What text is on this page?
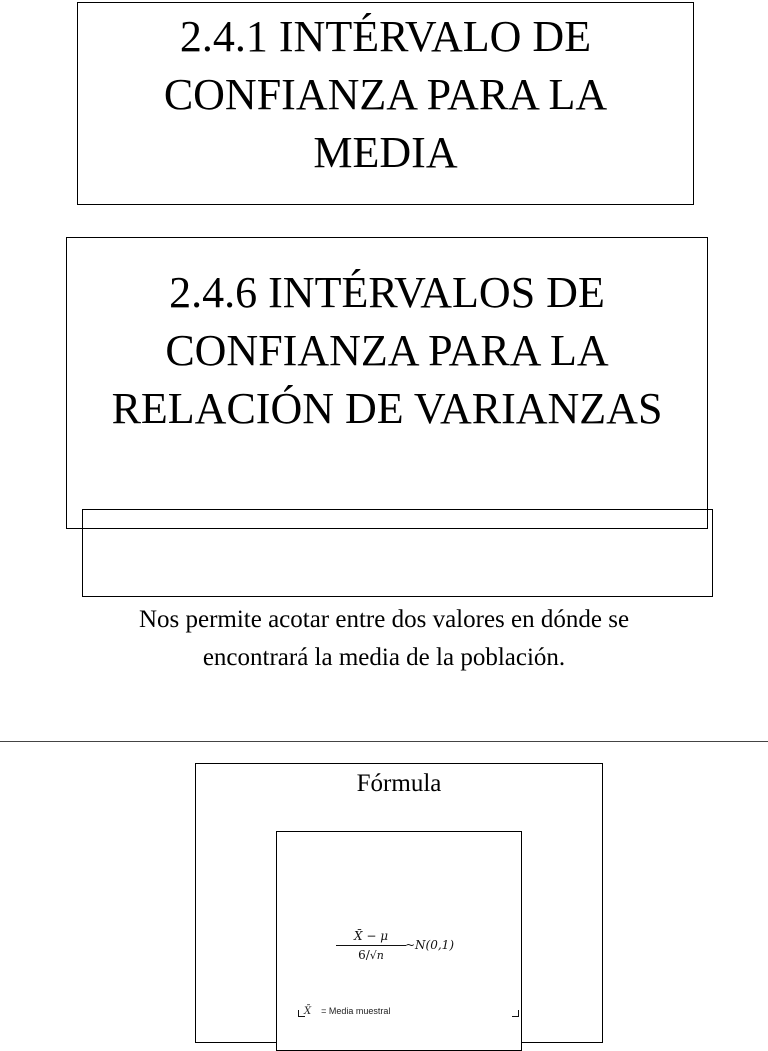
2.4.1 INTÉRVALO DE
CONFIANZA PARA LA
MEDIA
2.4.6 INTÉRVALOS DE
CONFIANZA PARA LA
RELACIÓN DE VARIANZAS
Nos permite acotar entre dos valores en dónde se
encontrará la media de la población.
Fórmula
$\frac{X̄ - \mu}{6/√n}$ ~N(0,1)
X̄ = Media muestral
